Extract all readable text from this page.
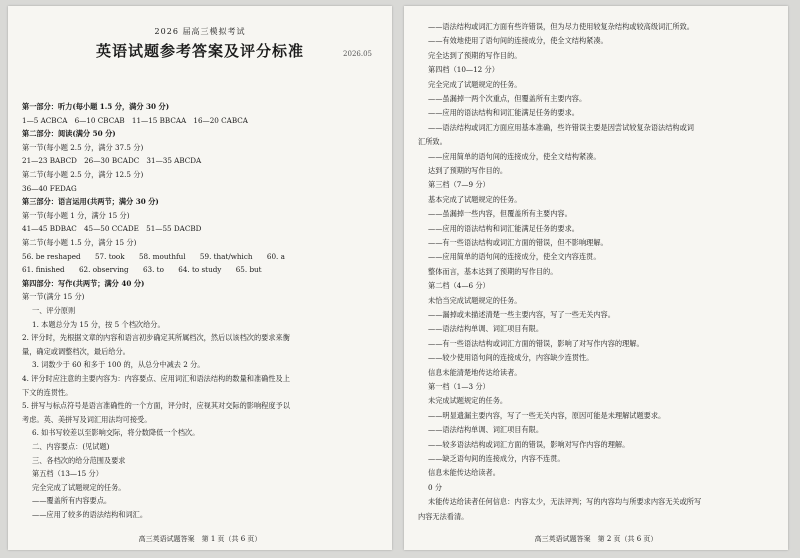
2026 届高三模拟考试
英语试题参考答案及评分标准	2026.05
第一部分：听力(每小题 1.5 分，满分 30 分)
1—5 ACBCA　6—10 CBCAB　11—15 BBCAA　16—20 CABCA
第二部分：阅读(满分 50 分)
第一节(每小题 2.5 分，满分 37.5 分)
21—23 BABCD　26—30 BCADC　31—35 ABCDA
第二节(每小题 2.5 分，满分 12.5 分)
36—40 FEDAG
第三部分：语言运用(共两节；满分 30 分)
第一节(每小题 1 分，满分 15 分)
41—45 BDBAC　45—50 CCADE　51—55 DACBD
第二节(每小题 1.5 分，满分 15 分)
56. be reshaped　　57. took　　58. mouthful　　59. that/which　　60. a
61. finished　　62. observing　　63. to　　64. to study　　65. but
第四部分：写作(共两节；满分 40 分)
第一节(满分 15 分)
一、评分原则
1. 本题总分为 15 分，按 5 个档次给分。
2. 评分时，先根据文章的内容和语言初步确定其所属档次，然后以该档次的要求来衡
量，确定或调整档次，最后给分。
3. 词数少于 60 和多于 100 的，从总分中减去 2 分。
4. 评分时应注意的主要内容为：内容要点、应用词汇和语法结构的数量和准确性及上
下文的连贯性。
5. 拼写与标点符号是语言准确性的一个方面，评分时，应视其对交际的影响程度予以
考虑。英、美拼写及词汇用法均可接受。
6. 如书写较差以至影响交际，将分数降低一个档次。
二、内容要点：(见试题)
三、各档次的给分范围及要求
第五档（13—15 分）
完全完成了试题规定的任务。
——覆盖所有内容要点。
——应用了较多的语法结构和词汇。
高三英语试题答案　第 1 页（共 6 页）
——语法结构或词汇方面有些许错误，但为尽力使用较复杂结构或较高级词汇所致。
——有效地使用了语句间的连接成分，使全文结构紧凑。
完全达到了预期的写作目的。
第四档（10—12 分）
完全完成了试题规定的任务。
——虽漏掉一两个次重点，但覆盖所有主要内容。
——应用的语法结构和词汇能满足任务的要求。
——语法结构或词汇方面应用基本准确，些许错误主要是因尝试较复杂语法结构或词
汇所致。
——应用简单的语句间的连接成分，使全文结构紧凑。
达到了预期的写作目的。
第三档（7—9 分）
基本完成了试题规定的任务。
——虽漏掉一些内容，但覆盖所有主要内容。
——应用的语法结构和词汇能满足任务的要求。
——有一些语法结构或词汇方面的错误，但不影响理解。
——应用简单的语句间的连接成分，使全文内容连贯。
整体而言，基本达到了预期的写作目的。
第二档（4—6 分）
未恰当完成试题规定的任务。
——漏掉或未描述清楚一些主要内容，写了一些无关内容。
——语法结构单调、词汇项目有限。
——有一些语法结构或词汇方面的错误，影响了对写作内容的理解。
——较少使用语句间的连接成分，内容缺少连贯性。
信息未能清楚地传达给读者。
第一档（1—3 分）
未完成试题规定的任务。
——明显遗漏主要内容，写了一些无关内容，原因可能是未理解试题要求。
——语法结构单调、词汇项目有限。
——较多语法结构或词汇方面的错误，影响对写作内容的理解。
——缺乏语句间的连接成分，内容不连贯。
信息未能传达给读者。
0 分
未能传达给读者任何信息：内容太少，无法评判；写的内容均与所要求内容无关或所写
内容无法看清。
高三英语试题答案　第 2 页（共 6 页）
